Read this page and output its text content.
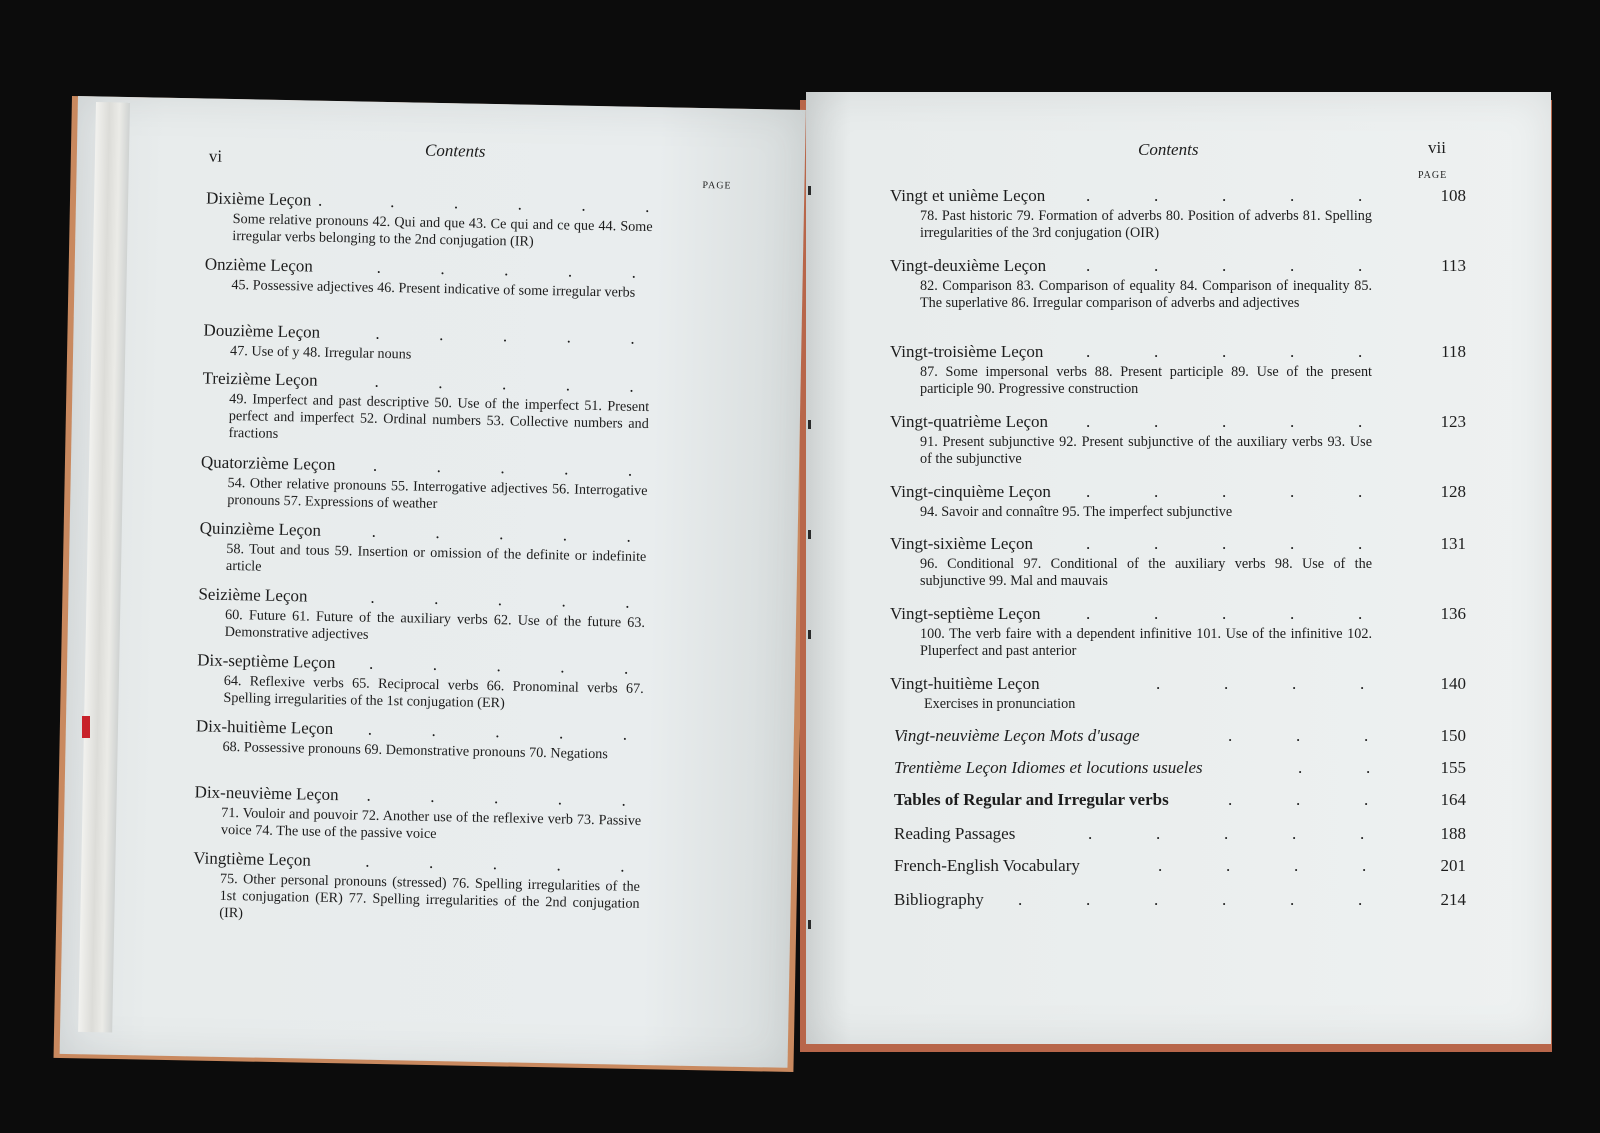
vi	Contents
PAGE
Dixième Leçon .                .              .              .              .              .
Some relative pronouns 42. Qui and que 43. Ce qui and ce que 44. Some irregular verbs belonging to the 2nd conjugation (IR)
Onzième Leçon	.              .              .              .              .
45. Possessive adjectives 46. Present indicative of some irregular verbs
Douzième Leçon	.              .              .              .              .
47. Use of y 48. Irregular nouns
Treizième Leçon	.              .              .              .              .
49. Imperfect and past descriptive 50. Use of the imperfect 51. Present perfect and imperfect 52. Ordinal numbers 53. Collective numbers and fractions
Quatorzième Leçon	.              .              .              .              .
54. Other relative pronouns 55. Interrogative adjectives 56. Interrogative pronouns 57. Expressions of weather
Quinzième Leçon	.              .              .              .              .
58. Tout and tous 59. Insertion or omission of the definite or indefinite article
Seizième Leçon	.              .              .              .              .
60. Future 61. Future of the auxiliary verbs 62. Use of the future 63. Demonstrative adjectives
Dix-septième Leçon	.              .              .              .              .
64. Reflexive verbs 65. Reciprocal verbs 66. Pronominal verbs 67. Spelling irregularities of the 1st conjugation (ER)
Dix-huitième Leçon	.              .              .              .              .
68. Possessive pronouns 69. Demonstrative pronouns 70. Negations
Dix-neuvième Leçon	.              .              .              .              .
71. Vouloir and pouvoir 72. Another use of the reflexive verb 73. Passive voice 74. The use of the passive voice
Vingtième Leçon	.              .              .              .              .
75. Other personal pronouns (stressed) 76. Spelling irregularities of the 1st conjugation (ER) 77. Spelling irregularities of the 2nd conjugation (IR)
vii
Contents
PAGE
Vingt et unième Leçon	.               .               .               .               .	108
78. Past historic 79. Formation of adverbs 80. Position of adverbs 81. Spelling irregularities of the 3rd conjugation (OIR)
Vingt-deuxième Leçon	.               .               .               .               .	113
82. Comparison 83. Comparison of equality 84. Comparison of inequality 85. The superlative 86. Irregular comparison of adverbs and adjectives
Vingt-troisième Leçon	.               .               .               .               .	118
87. Some impersonal verbs 88. Present participle 89. Use of the present participle 90. Progressive construction
Vingt-quatrième Leçon	.               .               .               .               .	123
91. Present subjunctive 92. Present subjunctive of the auxiliary verbs 93. Use of the subjunctive
Vingt-cinquième Leçon	.               .               .               .               .	128
94. Savoir and connaître 95. The imperfect subjunctive
Vingt-sixième Leçon	.               .               .               .               .	131
96. Conditional 97. Conditional of the auxiliary verbs 98. Use of the subjunctive 99. Mal and mauvais
Vingt-septième Leçon	.               .               .               .               .	136
100. The verb faire with a dependent infinitive 101. Use of the infinitive 102. Pluperfect and past anterior
Vingt-huitième Leçon	.               .               .               .	140
Exercises in pronunciation
Vingt-neuvième Leçon Mots d'usage	.               .               .	150
Trentième Leçon Idiomes et locutions usueles	.               .	155
Tables of Regular and Irregular verbs	.               .               .	164
Reading Passages	.               .               .               .               .	188
French-English Vocabulary	.               .               .               .	201
Bibliography	.               .               .               .               .               .	214
